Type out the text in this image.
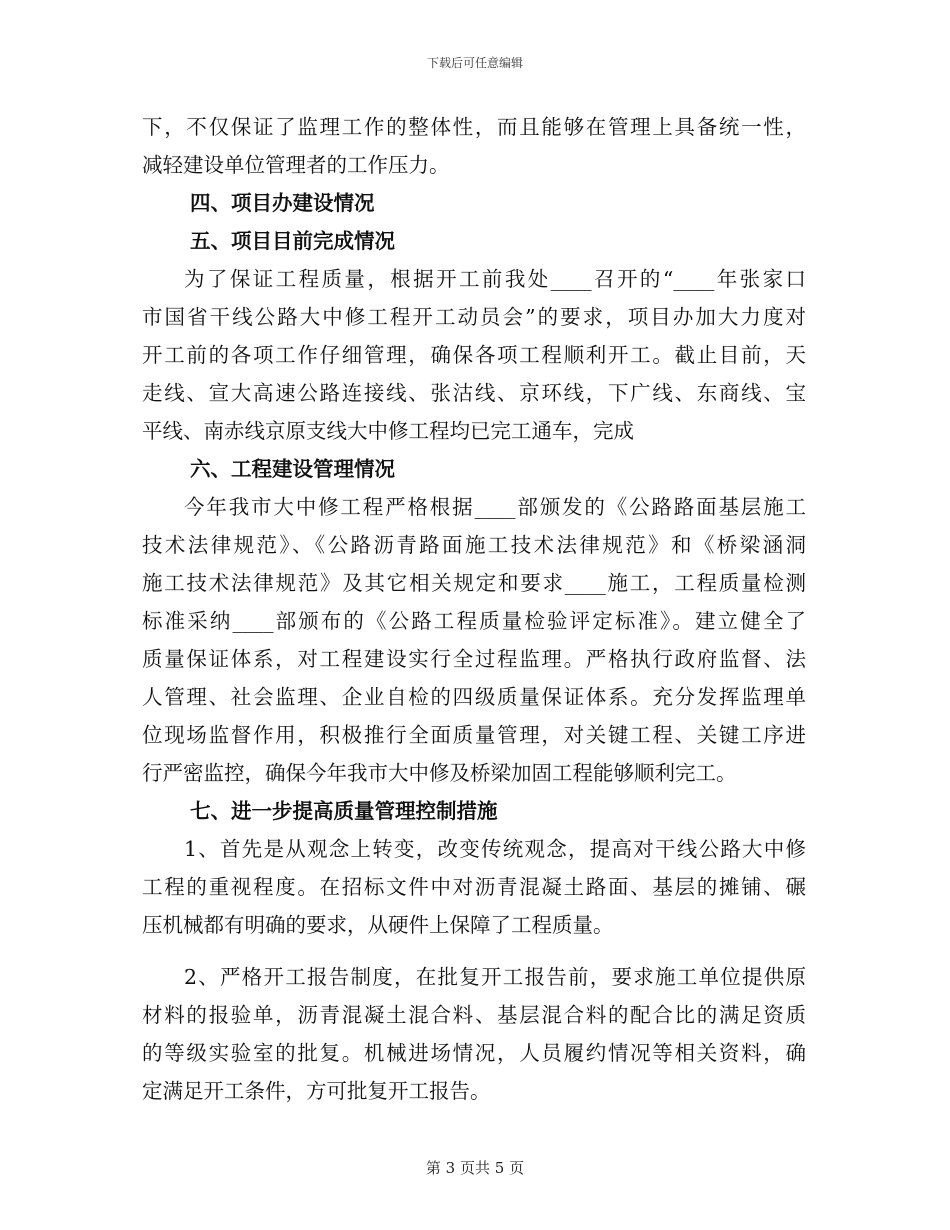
下载后可任意编辑
下，不仅保证了监理工作的整体性，而且能够在管理上具备统一性，
减轻建设单位管理者的工作压力。
四、项目办建设情况
五、项目目前完成情况
为了保证工程质量，根据开工前我处____召开的“____年张家口
市国省干线公路大中修工程开工动员会”的要求，项目办加大力度对
开工前的各项工作仔细管理，确保各项工程顺利开工。截止目前，天
走线、宣大高速公路连接线、张沽线、京环线，下广线、东商线、宝
平线、南赤线京原支线大中修工程均已完工通车，完成
六、工程建设管理情况
今年我市大中修工程严格根据____部颁发的《公路路面基层施工
技术法律规范》、《公路沥青路面施工技术法律规范》和《桥梁涵洞
施工技术法律规范》及其它相关规定和要求____施工，工程质量检测
标准采纳____部颁布的《公路工程质量检验评定标准》。建立健全了
质量保证体系，对工程建设实行全过程监理。严格执行政府监督、法
人管理、社会监理、企业自检的四级质量保证体系。充分发挥监理单
位现场监督作用，积极推行全面质量管理，对关键工程、关键工序进
行严密监控，确保今年我市大中修及桥梁加固工程能够顺利完工。
七、进一步提高质量管理控制措施
1、首先是从观念上转变，改变传统观念，提高对干线公路大中修
工程的重视程度。在招标文件中对沥青混凝土路面、基层的摊铺、碾
压机械都有明确的要求，从硬件上保障了工程质量。
2、严格开工报告制度，在批复开工报告前，要求施工单位提供原
材料的报验单，沥青混凝土混合料、基层混合料的配合比的满足资质
的等级实验室的批复。机械进场情况，人员履约情况等相关资料，确
定满足开工条件，方可批复开工报告。
第 3 页共 5 页
